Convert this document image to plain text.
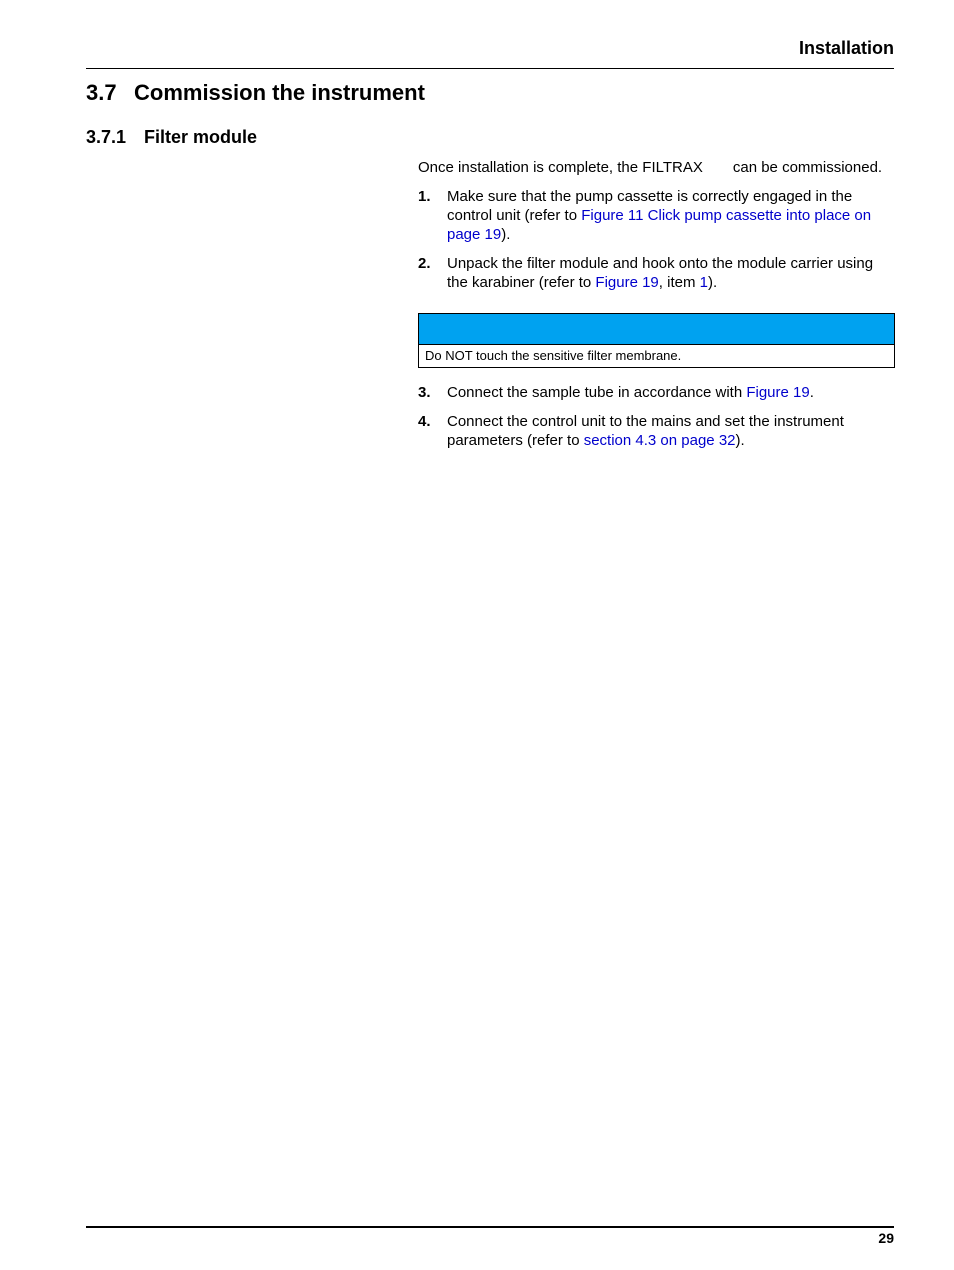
Installation
3.7 Commission the instrument
3.7.1 Filter module

Once installation is complete, the FILTRAX can be commissioned.

1. Make sure that the pump cassette is correctly engaged in the control unit (refer to Figure 11 Click pump cassette into place on page 19).
2. Unpack the filter module and hook onto the module carrier using the karabiner (refer to Figure 19, item 1).
Do NOT touch the sensitive filter membrane.
3. Connect the sample tube in accordance with Figure 19.
4. Connect the control unit to the mains and set the instrument parameters (refer to section 4.3 on page 32).
29
